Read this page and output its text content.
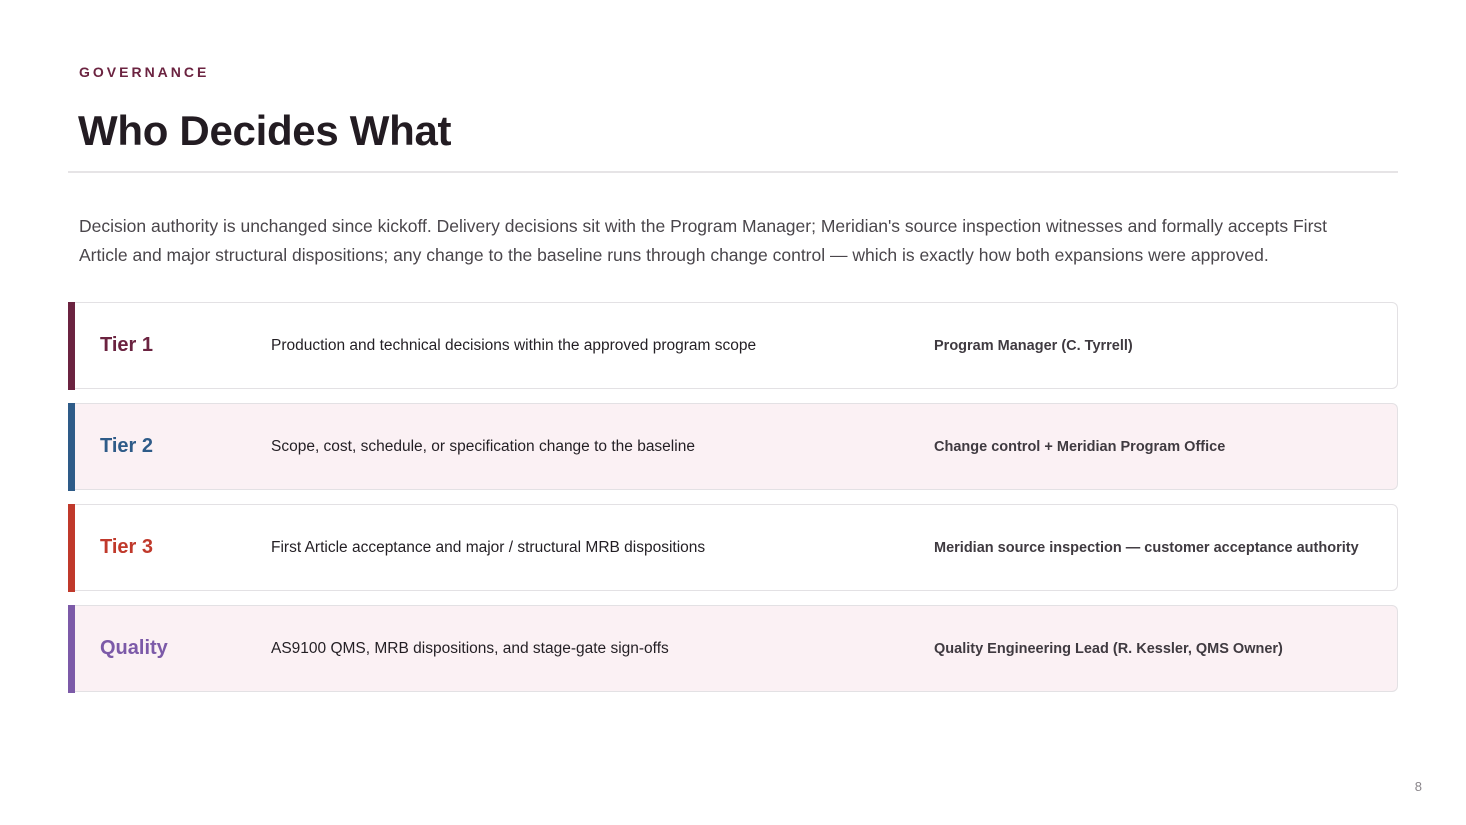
GOVERNANCE
Who Decides What

Decision authority is unchanged since kickoff. Delivery decisions sit with the Program Manager; Meridian's source inspection witnesses and formally accepts First Article and major structural dispositions; any change to the baseline runs through change control — which is exactly how both expansions were approved.

Tier 1	Production and technical decisions within the approved program scope	Program Manager (C. Tyrrell)
Tier 2	Scope, cost, schedule, or specification change to the baseline	Change control + Meridian Program Office
Tier 3	First Article acceptance and major / structural MRB dispositions	Meridian source inspection — customer acceptance authority
Quality	AS9100 QMS, MRB dispositions, and stage-gate sign-offs	Quality Engineering Lead (R. Kessler, QMS Owner)
8
